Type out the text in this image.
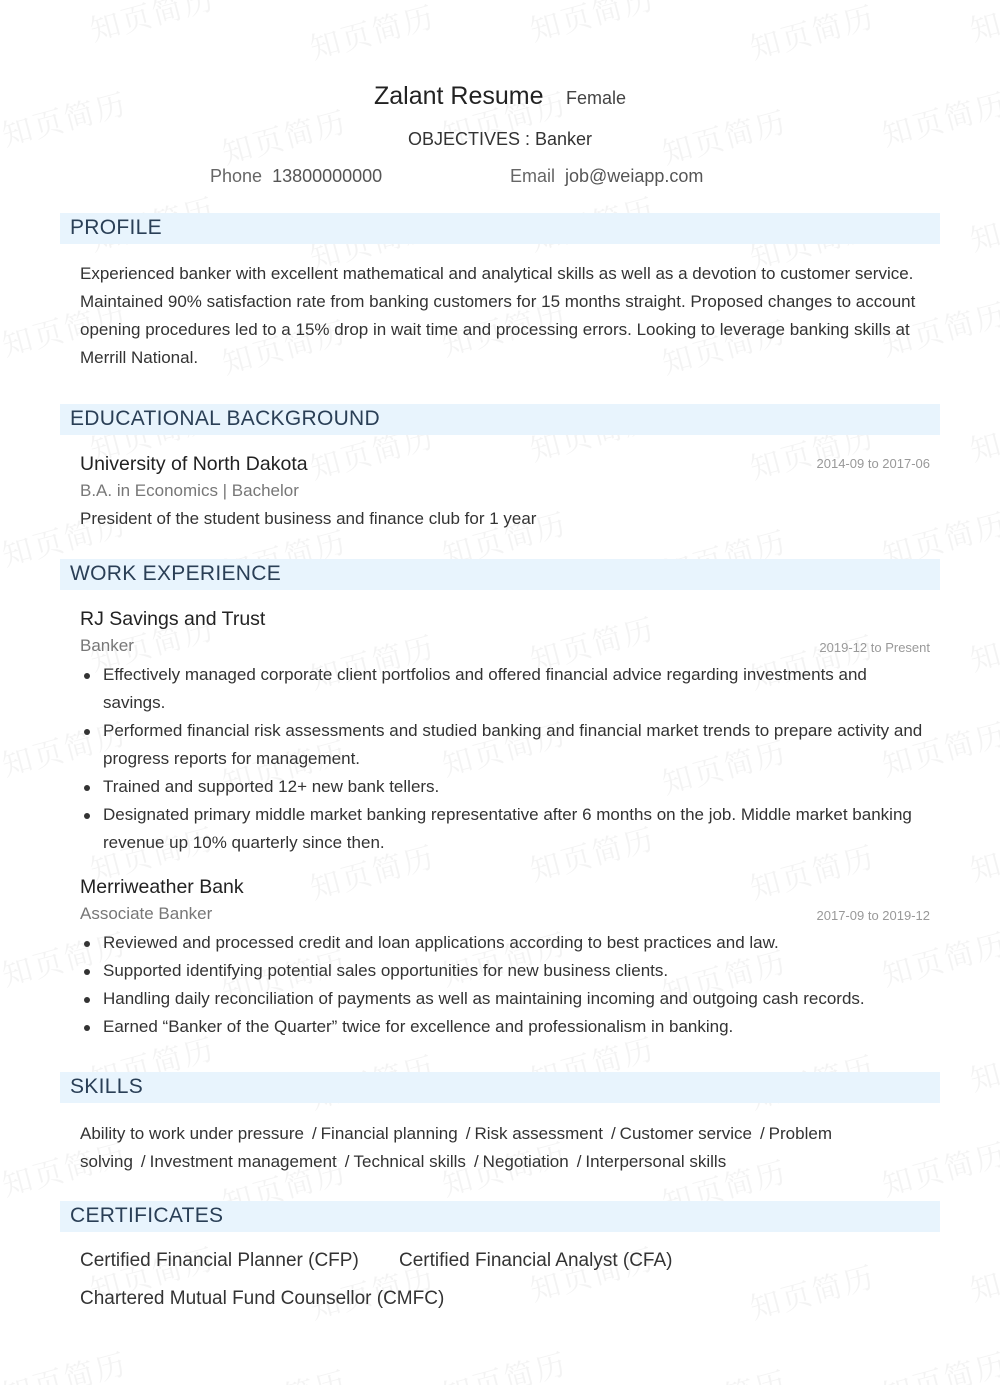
Zalant Resume Female
OBJECTIVES : Banker
Phone 13800000000	Email job@weiapp.com
PROFILE
Experienced banker with excellent mathematical and analytical skills as well as a devotion to customer service. Maintained 90% satisfaction rate from banking customers for 15 months straight. Proposed changes to account opening procedures led to a 15% drop in wait time and processing errors. Looking to leverage banking skills at Merrill National.
EDUCATIONAL BACKGROUND
University of North Dakota	2014-09 to 2017-06
B.A. in Economics | Bachelor
President of the student business and finance club for 1 year
WORK EXPERIENCE
RJ Savings and Trust
Banker	2019-12 to Present
Effectively managed corporate client portfolios and offered financial advice regarding investments and savings.
Performed financial risk assessments and studied banking and financial market trends to prepare activity and progress reports for management.
Trained and supported 12+ new bank tellers.
Designated primary middle market banking representative after 6 months on the job. Middle market banking revenue up 10% quarterly since then.
Merriweather Bank
Associate Banker	2017-09 to 2019-12
Reviewed and processed credit and loan applications according to best practices and law.
Supported identifying potential sales opportunities for new business clients.
Handling daily reconciliation of payments as well as maintaining incoming and outgoing cash records.
Earned “Banker of the Quarter” twice for excellence and professionalism in banking.
SKILLS
Ability to work under pressure / Financial planning / Risk assessment / Customer service / Problem solving / Investment management / Technical skills / Negotiation / Interpersonal skills
CERTIFICATES
Certified Financial Planner (CFP) Certified Financial Analyst (CFA)
Chartered Mutual Fund Counsellor (CMFC)
